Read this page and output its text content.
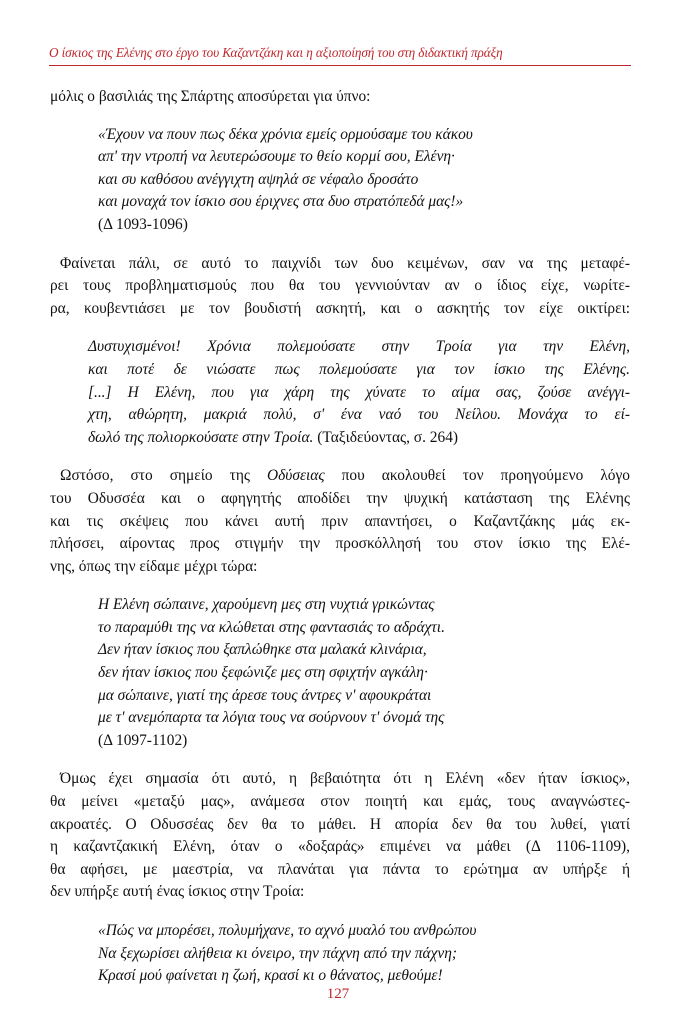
Ο ίσκιος της Ελένης στο έργο του Καζαντζάκη και η αξιοποίησή του στη διδακτική πράξη

μόλις ο βασιλιάς της Σπάρτης αποσύρεται για ύπνο:

«Έχουν να πουν πως δέκα χρόνια εμείς ορμούσαμε του κάκου
απ' την ντροπή να λευτερώσουμε το θείο κορμί σου, Ελένη·
και συ καθόσου ανέγγιχτη αψηλά σε νέφαλο δροσάτο
και μοναχά τον ίσκιο σου έριχνες στα δυο στρατόπεδά μας!»
(Δ 1093-1096)
Φαίνεται πάλι, σε αυτό το παιχνίδι των δυο κειμένων, σαν να της μεταφέ-
ρει τους προβληματισμούς που θα του γεννιούνταν αν ο ίδιος είχε, νωρίτε-
ρα, κουβεντιάσει με τον βουδιστή ασκητή, και ο ασκητής τον είχε οικτίρει:
Δυστυχισμένοι! Χρόνια πολεμούσατε στην Τροία για την Ελένη,
και ποτέ δε νιώσατε πως πολεμούσατε για τον ίσκιο της Ελένης.
[...] Η Ελένη, που για χάρη της χύνατε το αίμα σας, ζούσε ανέγγι-
χτη, αθώρητη, μακριά πολύ, σ' ένα ναό του Νείλου. Μονάχα το εί-
δωλό της πολιορκούσατε στην Τροία. (Ταξιδεύοντας, σ. 264)
Ωστόσο, στο σημείο της Οδύσειας που ακολουθεί τον προηγούμενο λόγο
του Οδυσσέα και ο αφηγητής αποδίδει την ψυχική κατάσταση της Ελένης
και τις σκέψεις που κάνει αυτή πριν απαντήσει, ο Καζαντζάκης μάς εκ-
πλήσσει, αίροντας προς στιγμήν την προσκόλλησή του στον ίσκιο της Ελέ-
νης, όπως την είδαμε μέχρι τώρα:
Η Ελένη σώπαινε, χαρούμενη μες στη νυχτιά γρικώντας
το παραμύθι της να κλώθεται στης φαντασιάς το αδράχτι.
Δεν ήταν ίσκιος που ξαπλώθηκε στα μαλακά κλινάρια,
δεν ήταν ίσκιος που ξεφώνιζε μες στη σφιχτήν αγκάλη·
μα σώπαινε, γιατί της άρεσε τους άντρες ν' αφουκράται
με τ' ανεμόπαρτα τα λόγια τους να σούρνουν τ' όνομά της
(Δ 1097-1102)
Όμως έχει σημασία ότι αυτό, η βεβαιότητα ότι η Ελένη «δεν ήταν ίσκιος»,
θα μείνει «μεταξύ μας», ανάμεσα στον ποιητή και εμάς, τους αναγνώστες-
ακροατές. Ο Οδυσσέας δεν θα το μάθει. Η απορία δεν θα του λυθεί, γιατί
η καζαντζακική Ελένη, όταν ο «δοξαράς» επιμένει να μάθει (Δ 1106-1109),
θα αφήσει, με μαεστρία, να πλανάται για πάντα το ερώτημα αν υπήρξε ή
δεν υπήρξε αυτή ένας ίσκιος στην Τροία:
«Πώς να μπορέσει, πολυμήχανε, το αχνό μυαλό του ανθρώπου
Να ξεχωρίσει αλήθεια κι όνειρο, την πάχνη από την πάχνη;
Κρασί μού φαίνεται η ζωή, κρασί κι ο θάνατος, μεθούμε!
127
